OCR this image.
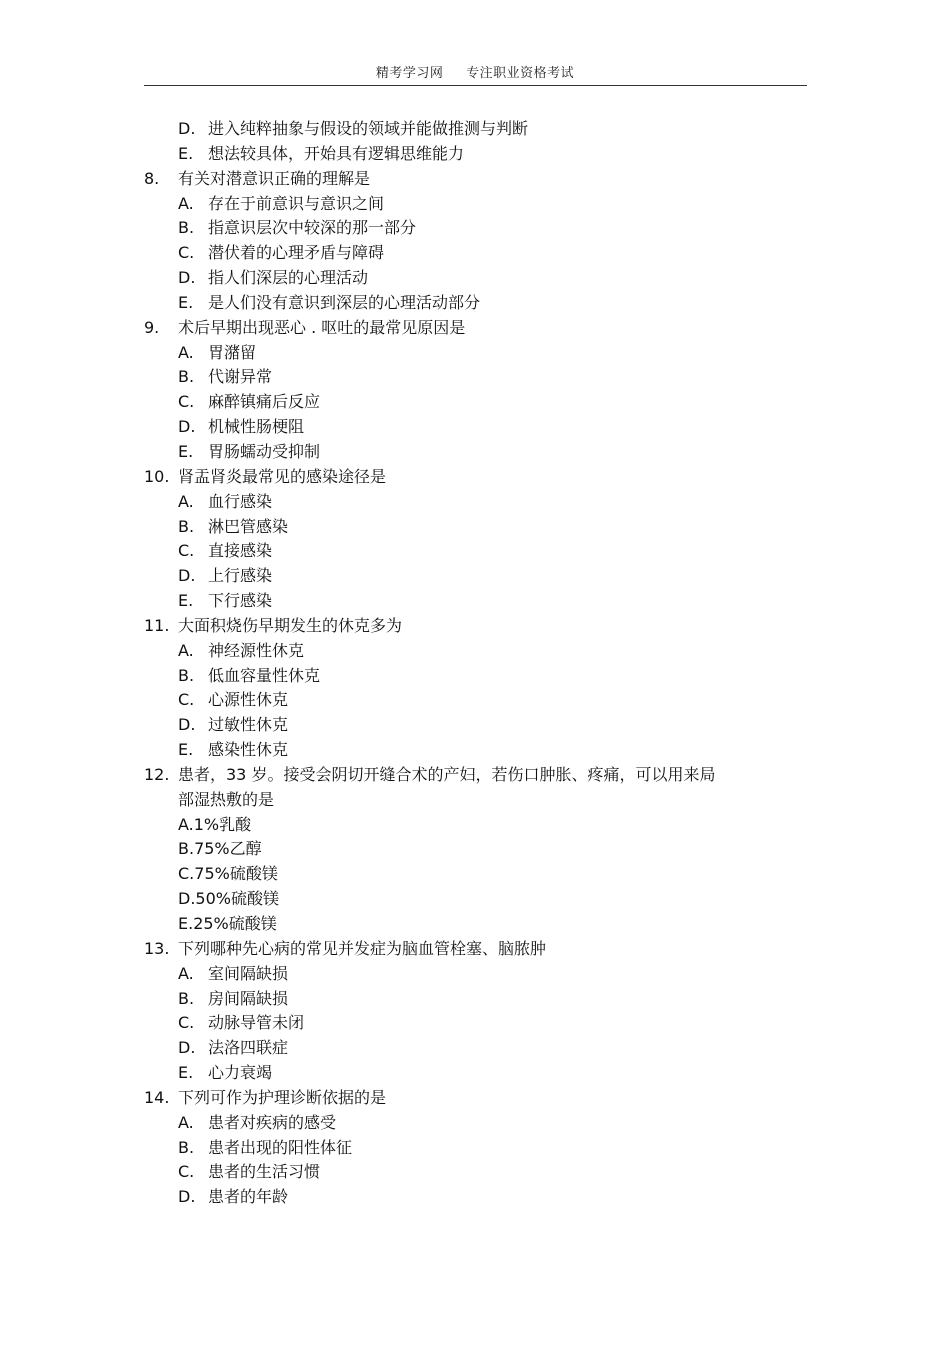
精考学习网 专注职业资格考试
D. 进入纯粹抽象与假设的领域并能做推测与判断
E. 想法较具体，开始具有逻辑思维能力
8. 有关对潜意识正确的理解是
A. 存在于前意识与意识之间
B. 指意识层次中较深的那一部分
C. 潜伏着的心理矛盾与障碍
D. 指人们深层的心理活动
E. 是人们没有意识到深层的心理活动部分
9. 术后早期出现恶心 . 呕吐的最常见原因是
A. 胃潴留
B. 代谢异常
C. 麻醉镇痛后反应
D. 机械性肠梗阻
E. 胃肠蠕动受抑制
10. 肾盂肾炎最常见的感染途径是
A. 血行感染
B. 淋巴管感染
C. 直接感染
D. 上行感染
E. 下行感染
11. 大面积烧伤早期发生的休克多为
A. 神经源性休克
B. 低血容量性休克
C. 心源性休克
D. 过敏性休克
E. 感染性休克
12. 患者，33 岁。接受会阴切开缝合术的产妇，若伤口肿胀、疼痛，可以用来局
部湿热敷的是
A.1%乳酸
B.75%乙醇
C.75%硫酸镁
D.50%硫酸镁
E.25%硫酸镁
13. 下列哪种先心病的常见并发症为脑血管栓塞、脑脓肿
A. 室间隔缺损
B. 房间隔缺损
C. 动脉导管未闭
D. 法洛四联症
E. 心力衰竭
14. 下列可作为护理诊断依据的是
A. 患者对疾病的感受
B. 患者出现的阳性体征
C. 患者的生活习惯
D. 患者的年龄
